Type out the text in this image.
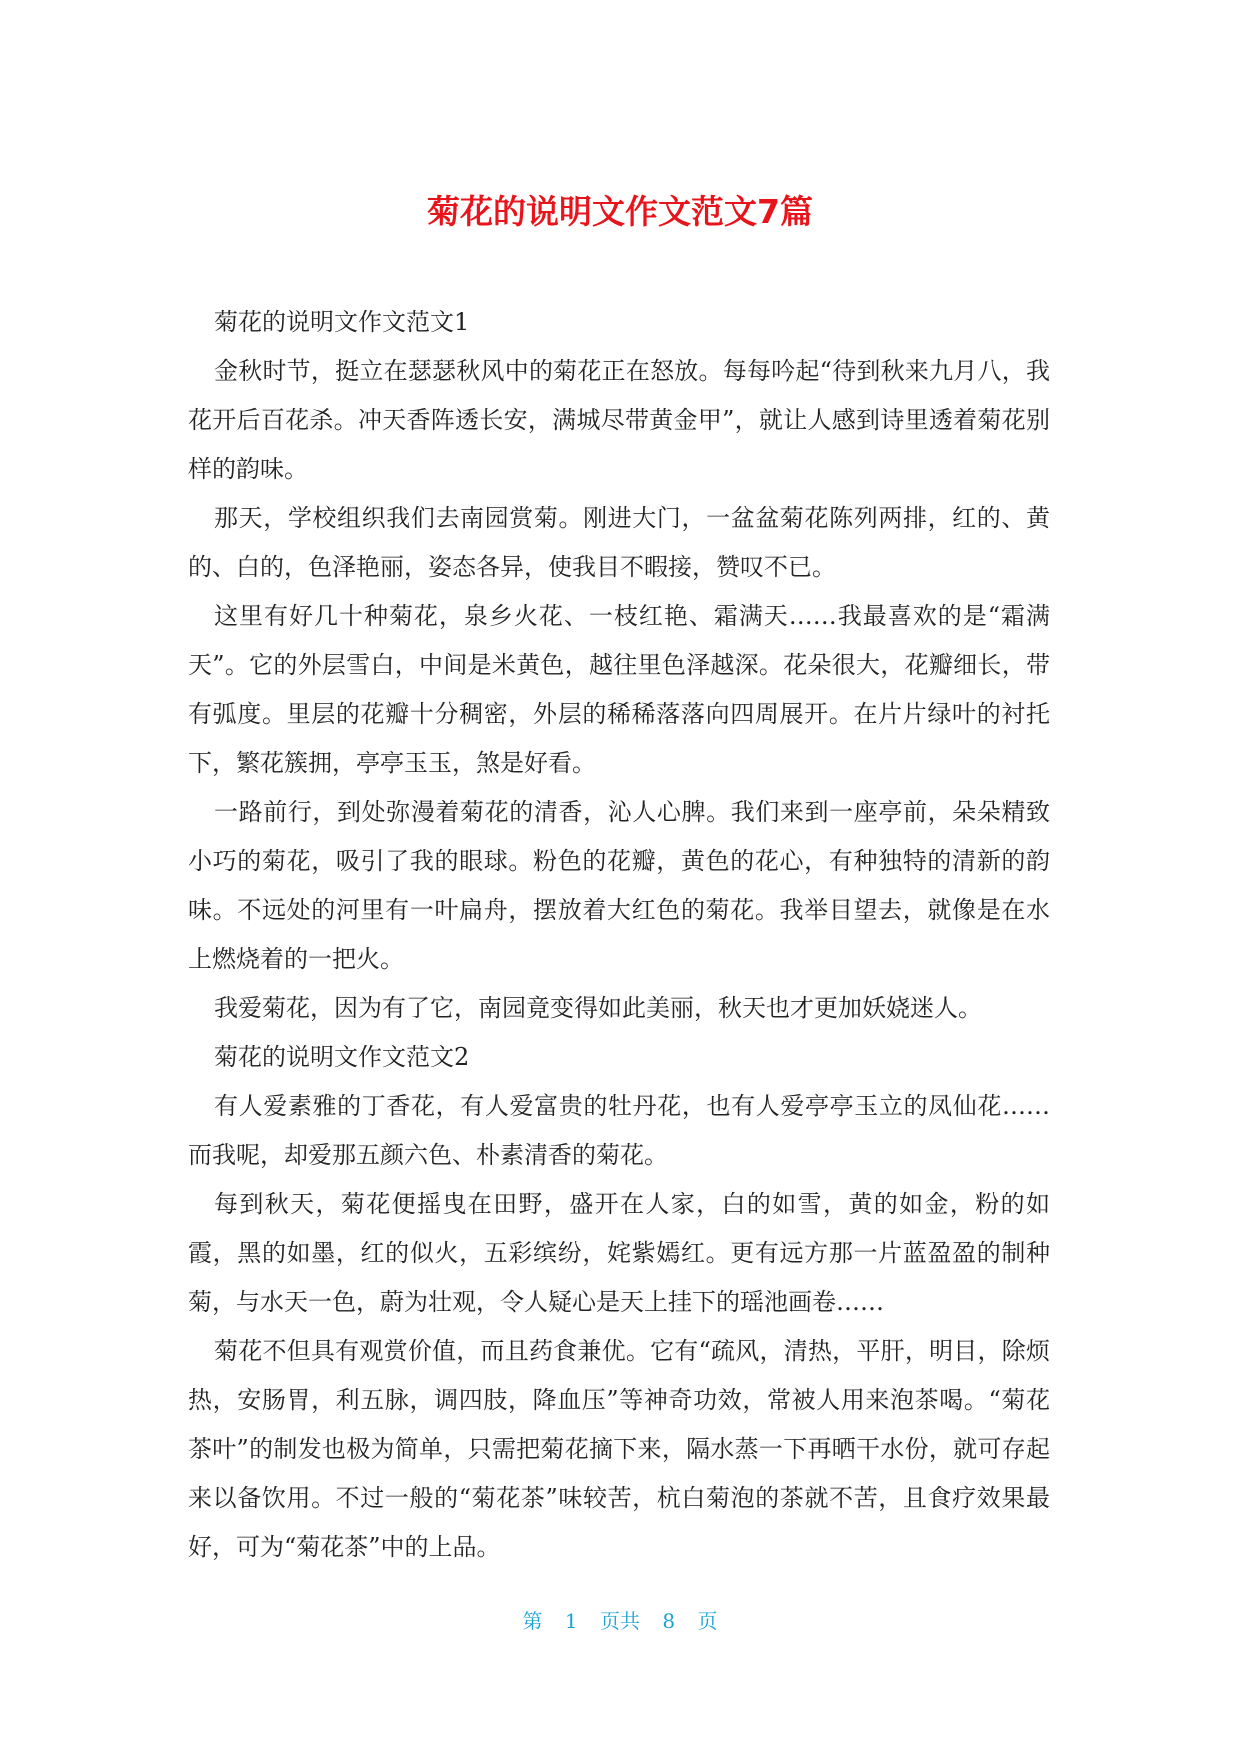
菊花的说明文作文范文7篇

菊花的说明文作文范文1

金秋时节，挺立在瑟瑟秋风中的菊花正在怒放。每每吟起“待到秋来九月八，我花开后百花杀。冲天香阵透长安，满城尽带黄金甲”，就让人感到诗里透着菊花别样的韵味。

那天，学校组织我们去南园赏菊。刚进大门，一盆盆菊花陈列两排，红的、黄的、白的，色泽艳丽，姿态各异，使我目不暇接，赞叹不已。

这里有好几十种菊花，泉乡火花、一枝红艳、霜满天……我最喜欢的是“霜满天”。它的外层雪白，中间是米黄色，越往里色泽越深。花朵很大，花瓣细长，带有弧度。里层的花瓣十分稠密，外层的稀稀落落向四周展开。在片片绿叶的衬托下，繁花簇拥，亭亭玉玉，煞是好看。

一路前行，到处弥漫着菊花的清香，沁人心脾。我们来到一座亭前，朵朵精致小巧的菊花，吸引了我的眼球。粉色的花瓣，黄色的花心，有种独特的清新的韵味。不远处的河里有一叶扁舟，摆放着大红色的菊花。我举目望去，就像是在水上燃烧着的一把火。

我爱菊花，因为有了它，南园竟变得如此美丽，秋天也才更加妖娆迷人。

菊花的说明文作文范文2

有人爱素雅的丁香花，有人爱富贵的牡丹花，也有人爱亭亭玉立的凤仙花……而我呢，却爱那五颜六色、朴素清香的菊花。

每到秋天，菊花便摇曳在田野，盛开在人家，白的如雪，黄的如金，粉的如霞，黑的如墨，红的似火，五彩缤纷，姹紫嫣红。更有远方那一片蓝盈盈的制种菊，与水天一色，蔚为壮观，令人疑心是天上挂下的瑶池画卷……

菊花不但具有观赏价值，而且药食兼优。它有“疏风，清热，平肝，明目，除烦热，安肠胃，利五脉，调四肢，降血压”等神奇功效，常被人用来泡茶喝。“菊花茶叶”的制发也极为简单，只需把菊花摘下来，隔水蒸一下再晒干水份，就可存起来以备饮用。不过一般的“菊花茶”味较苦，杭白菊泡的茶就不苦，且食疗效果最好，可为“菊花茶”中的上品。

第 1 页共 8 页
